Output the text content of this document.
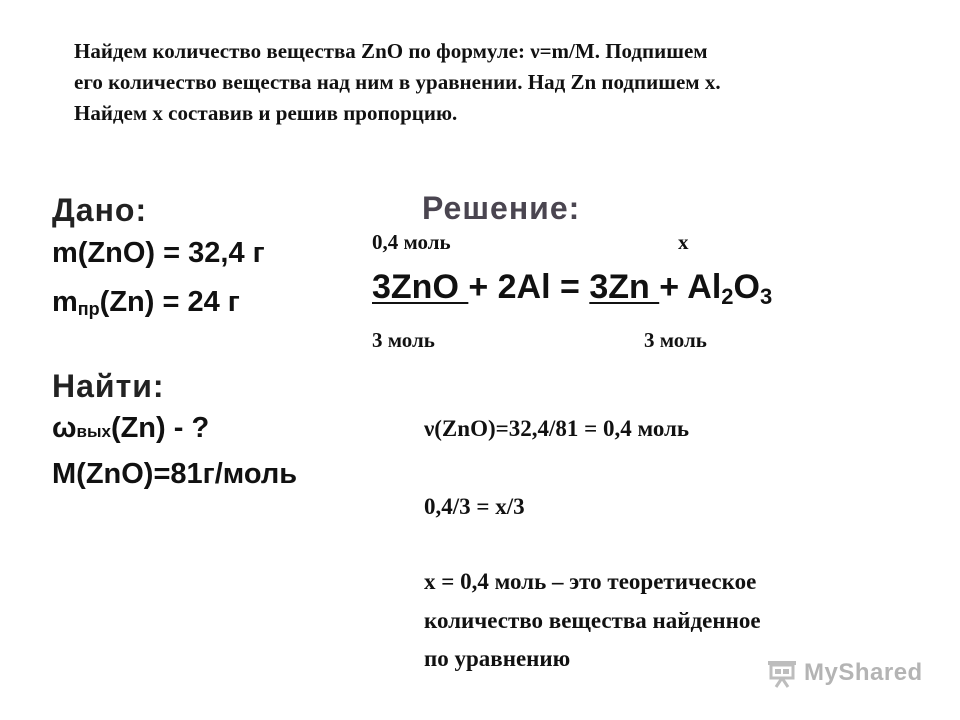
Найдем количество вещества ZnO по формуле: ν=m/M. Подпишем
его количество вещества над ним в уравнении. Над Zn подпишем x.
Найдем x составив и решив пропорцию.
Дано:
m(ZnO) = 32,4 г
$m_{пр}(Zn) = 24$ г
Найти:
ωвых(Zn) - ?
M(ZnO)=81г/моль
Решение:
0,4 моль	x
$3ZnO + 2Al = 3Zn + Al_2O_3$
3 моль	3 моль
ν(ZnO)=32,4/81 = 0,4 моль
0,4/3 = x/3
x = 0,4 моль – это теоретическое
количество вещества найденное
по уравнению
MyShared
